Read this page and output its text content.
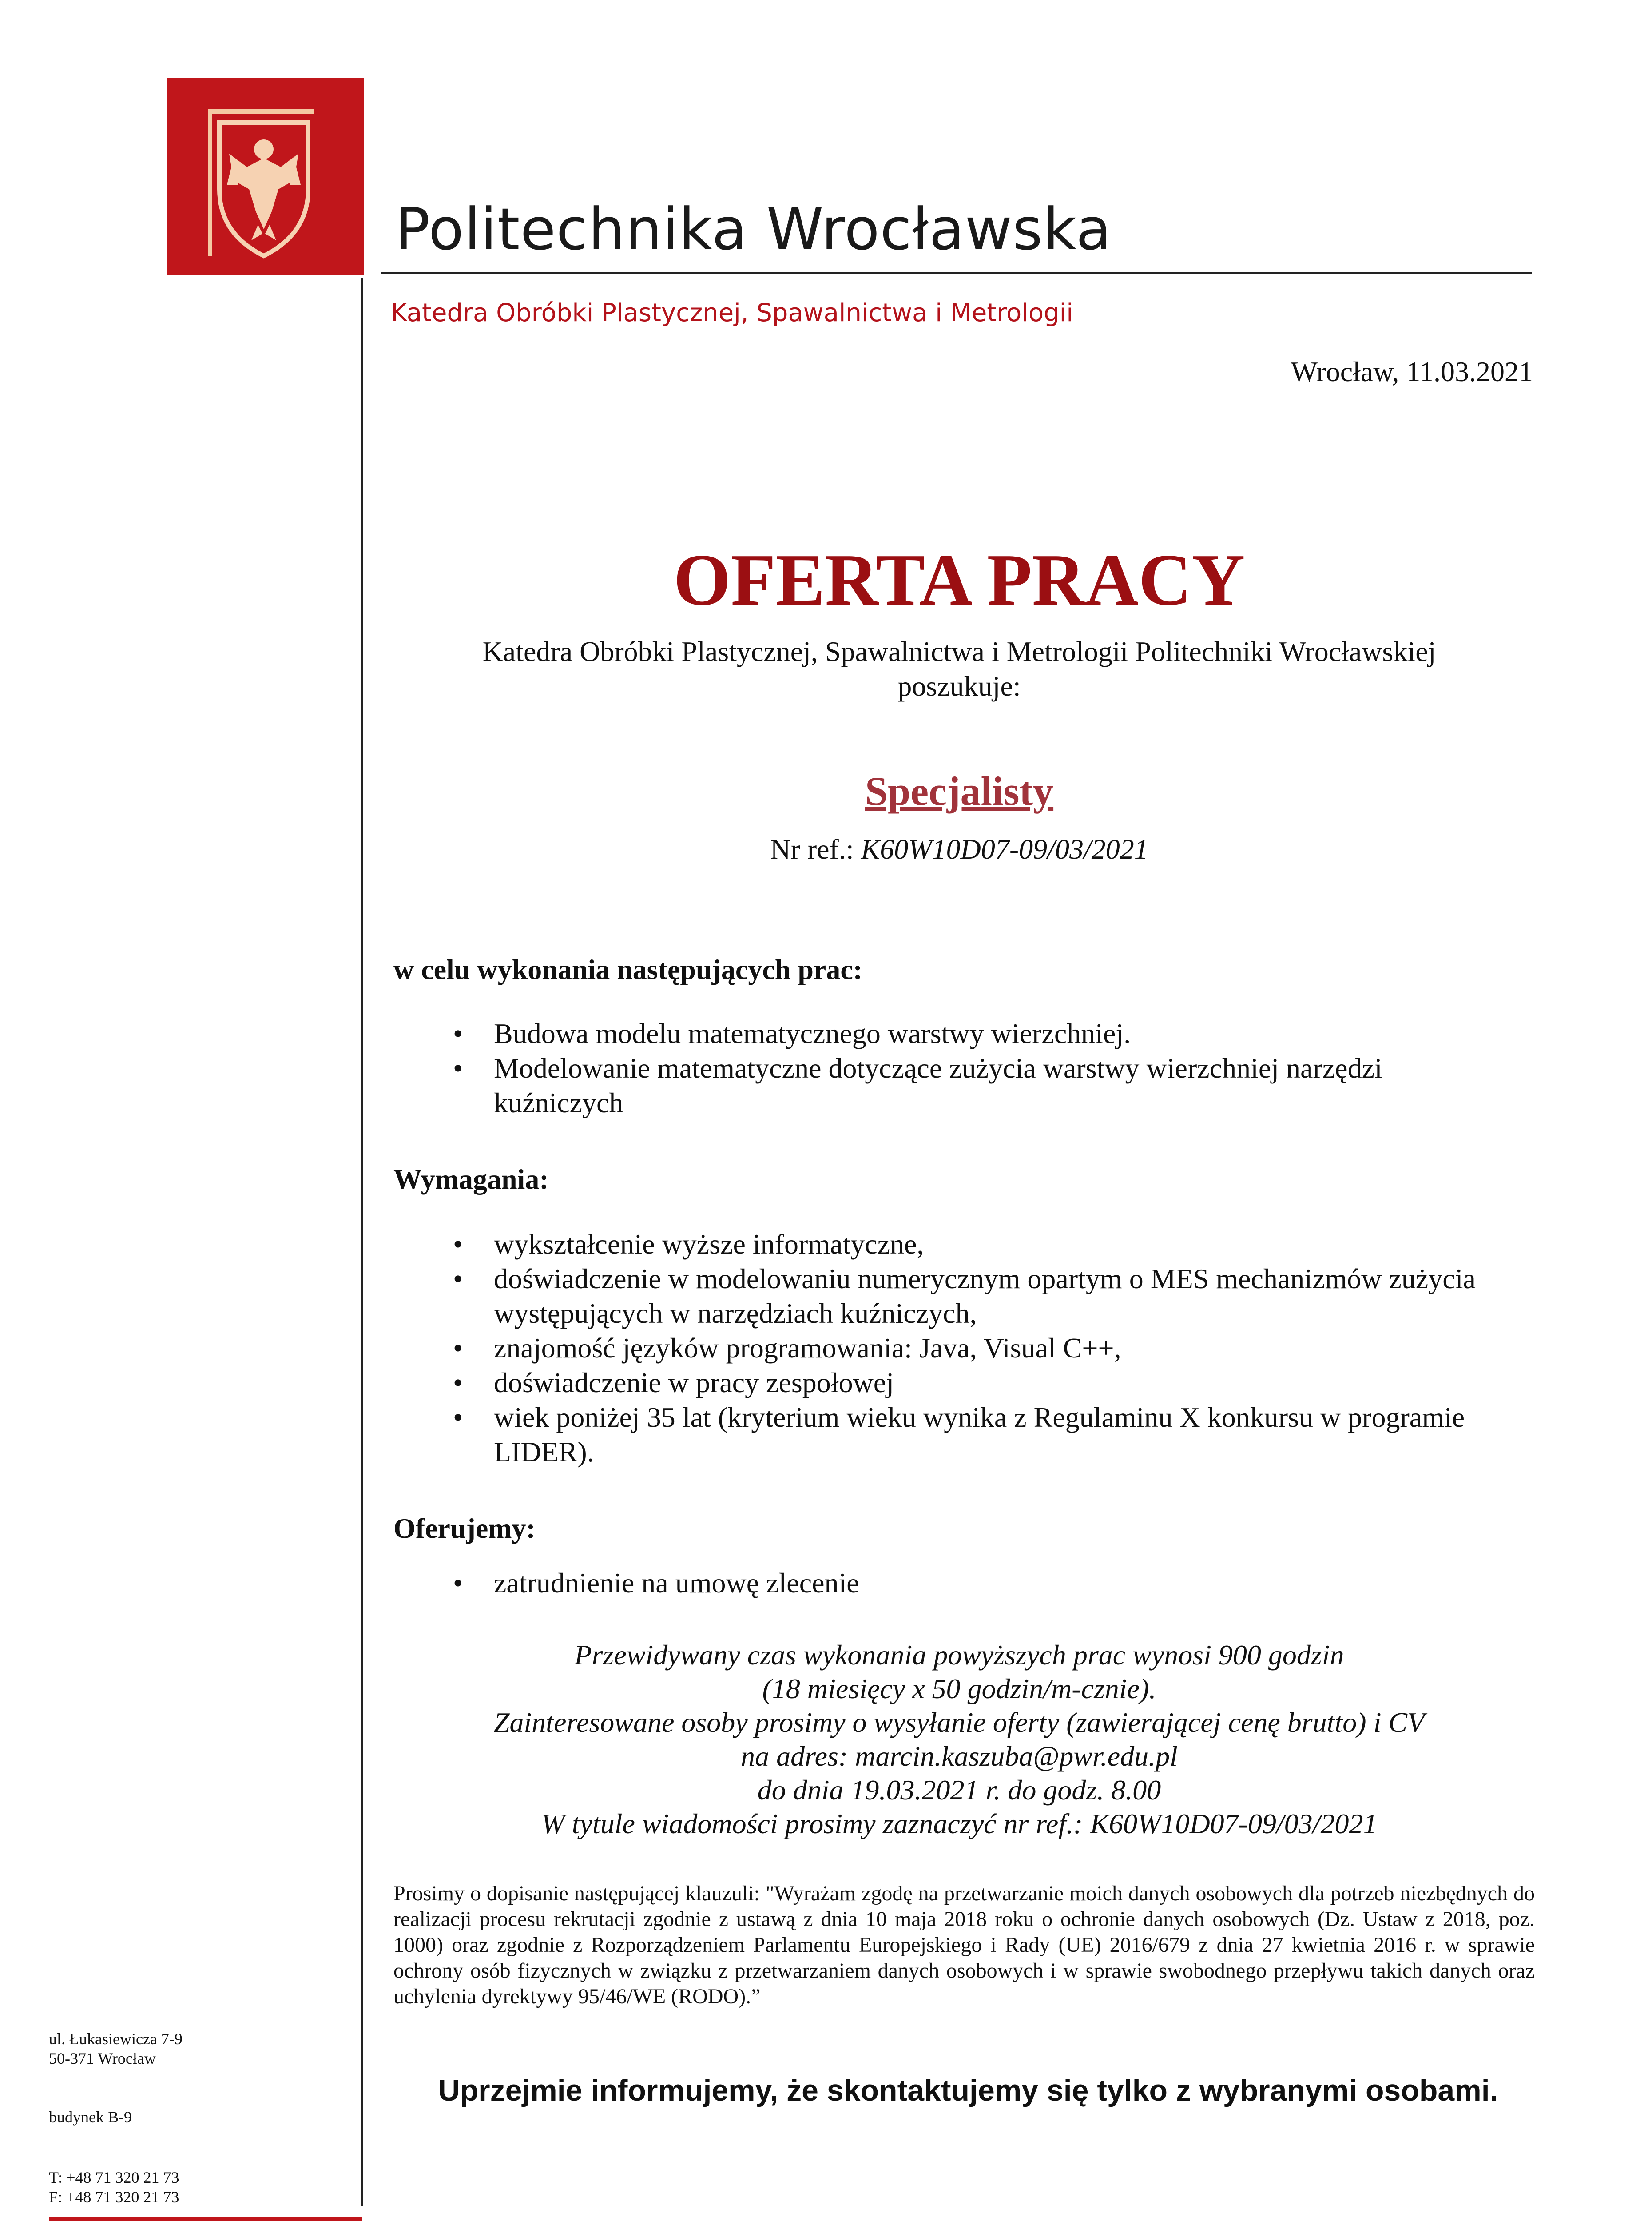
Politechnika Wrocławska
Katedra Obróbki Plastycznej, Spawalnictwa i Metrologii
Wrocław, 11.03.2021
OFERTA PRACY
Katedra Obróbki Plastycznej, Spawalnictwa i Metrologii Politechniki Wrocławskiej
poszukuje:
Specjalisty
Nr ref.: K60W10D07-09/03/2021
w celu wykonania następujących prac:
• Budowa modelu matematycznego warstwy wierzchniej.
• Modelowanie matematyczne dotyczące zużycia warstwy wierzchniej narzędzi kuźniczych
Wymagania:
• wykształcenie wyższe informatyczne,
• doświadczenie w modelowaniu numerycznym opartym o MES mechanizmów zużycia występujących w narzędziach kuźniczych,
• znajomość języków programowania: Java, Visual C++,
• doświadczenie w pracy zespołowej
• wiek poniżej 35 lat (kryterium wieku wynika z Regulaminu X konkursu w programie LIDER).
Oferujemy:
• zatrudnienie na umowę zlecenie
Przewidywany czas wykonania powyższych prac wynosi 900 godzin
(18 miesięcy x 50 godzin/m-cznie).
Zainteresowane osoby prosimy o wysyłanie oferty (zawierającej cenę brutto) i CV
na adres: marcin.kaszuba@pwr.edu.pl
do dnia 19.03.2021 r. do godz. 8.00
W tytule wiadomości prosimy zaznaczyć nr ref.: K60W10D07-09/03/2021
Prosimy o dopisanie następującej klauzuli: "Wyrażam zgodę na przetwarzanie moich danych osobowych dla potrzeb niezbędnych do realizacji procesu rekrutacji zgodnie z ustawą z dnia 10 maja 2018 roku o ochronie danych osobowych (Dz. Ustaw z 2018, poz. 1000) oraz zgodnie z Rozporządzeniem Parlamentu Europejskiego i Rady (UE) 2016/679 z dnia 27 kwietnia 2016 r. w sprawie ochrony osób fizycznych w związku z przetwarzaniem danych osobowych i w sprawie swobodnego przepływu takich danych oraz uchylenia dyrektywy 95/46/WE (RODO).”
Uprzejmie informujemy, że skontaktujemy się tylko z wybranymi osobami.
ul. Łukasiewicza 7-9
50-371 Wrocław
budynek B-9
T: +48 71 320 21 73
F: +48 71 320 21 73
